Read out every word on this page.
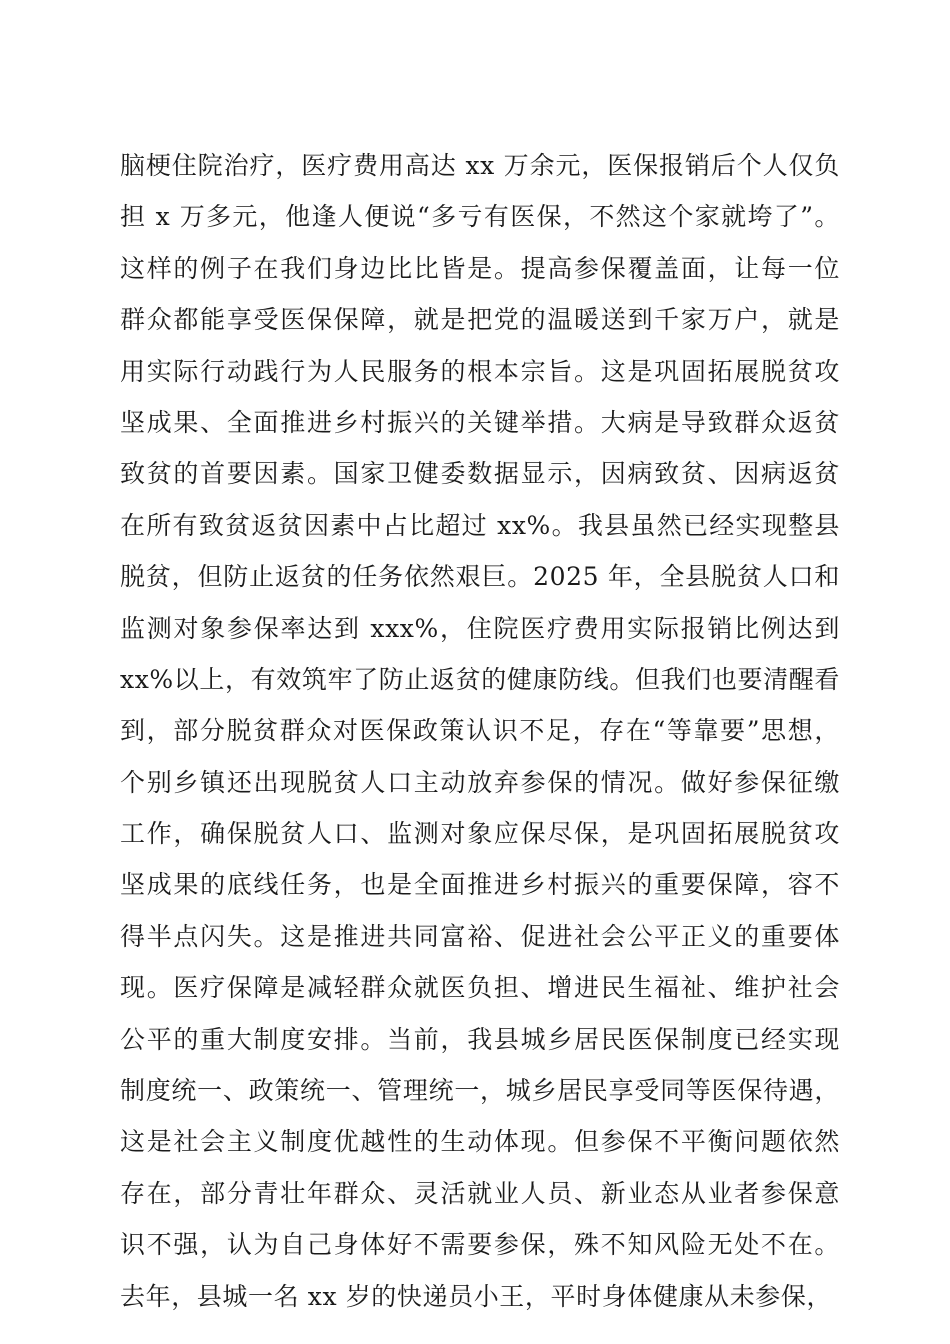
脑梗住院治疗，医疗费用高达 xx 万余元，医保报销后个人仅负
担 x 万多元，他逢人便说“多亏有医保，不然这个家就垮了”。
这样的例子在我们身边比比皆是。提高参保覆盖面，让每一位
群众都能享受医保保障，就是把党的温暖送到千家万户，就是
用实际行动践行为人民服务的根本宗旨。这是巩固拓展脱贫攻
坚成果、全面推进乡村振兴的关键举措。大病是导致群众返贫
致贫的首要因素。国家卫健委数据显示，因病致贫、因病返贫
在所有致贫返贫因素中占比超过 xx%。我县虽然已经实现整县
脱贫，但防止返贫的任务依然艰巨。2025 年，全县脱贫人口和
监测对象参保率达到 xxx%，住院医疗费用实际报销比例达到
xx%以上，有效筑牢了防止返贫的健康防线。但我们也要清醒看
到，部分脱贫群众对医保政策认识不足，存在“等靠要”思想，
个别乡镇还出现脱贫人口主动放弃参保的情况。做好参保征缴
工作，确保脱贫人口、监测对象应保尽保，是巩固拓展脱贫攻
坚成果的底线任务，也是全面推进乡村振兴的重要保障，容不
得半点闪失。这是推进共同富裕、促进社会公平正义的重要体
现。医疗保障是减轻群众就医负担、增进民生福祉、维护社会
公平的重大制度安排。当前，我县城乡居民医保制度已经实现
制度统一、政策统一、管理统一，城乡居民享受同等医保待遇，
这是社会主义制度优越性的生动体现。但参保不平衡问题依然
存在，部分青壮年群众、灵活就业人员、新业态从业者参保意
识不强，认为自己身体好不需要参保，殊不知风险无处不在。
去年，县城一名 xx 岁的快递员小王，平时身体健康从未参保，
